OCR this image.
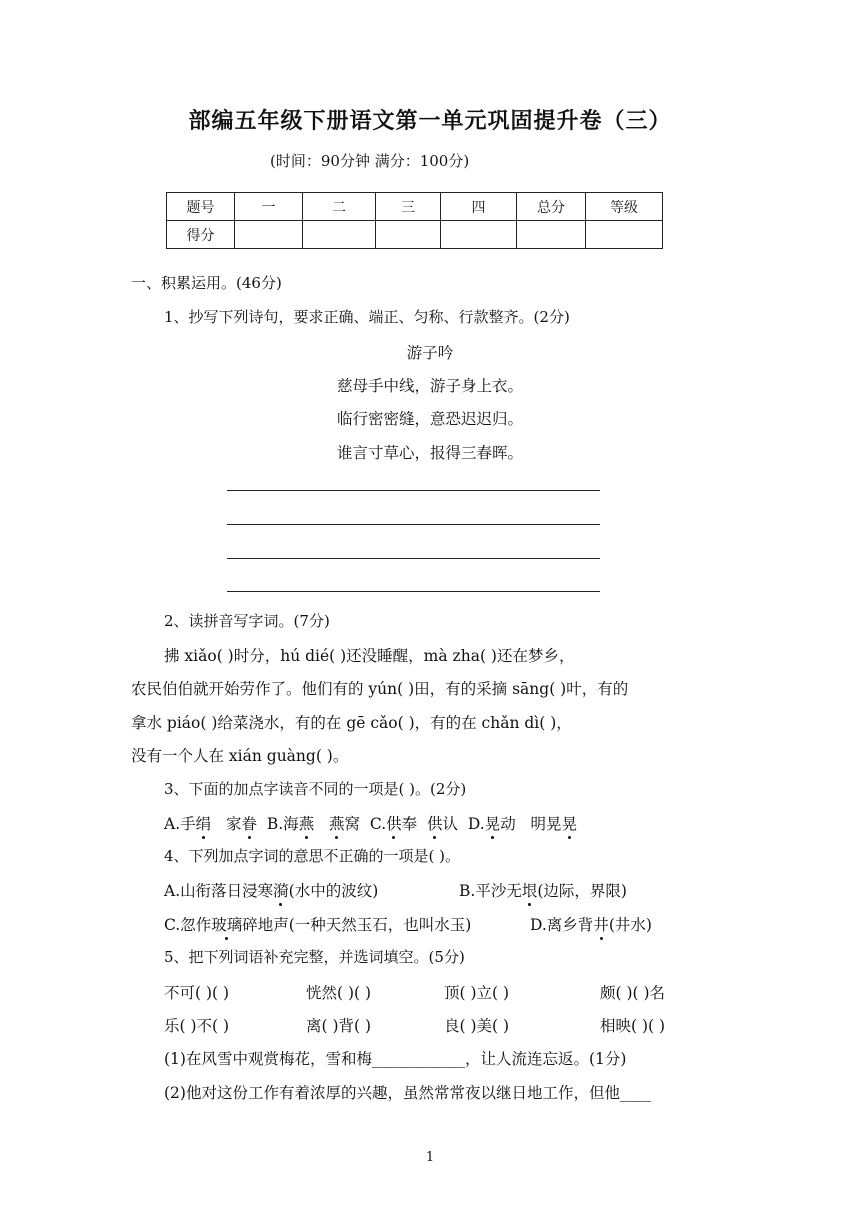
部编五年级下册语文第一单元巩固提升卷（三）
(时间：90分钟 满分：100分)
题号	一	二	三	四	总分	等级
得分						
一、积累运用。(46分)
1、抄写下列诗句，要求正确、端正、匀称、行款整齐。(2分)
游子吟
慈母手中线，游子身上衣。
临行密密缝，意恐迟迟归。
谁言寸草心，报得三春晖。
2、读拼音写字词。(7分)
拂 xiǎo( )时分，hú dié( )还没睡醒，mà zha( )还在梦乡，
农民伯伯就开始劳作了。他们有的 yún( )田，有的采摘 sāng( )叶，有的
拿水 piáo( )给菜浇水，有的在 gē cǎo( )，有的在 chǎn dì( )，
没有一个人在 xián guàng( )。
3、下面的加点字读音不同的一项是( )。(2分)
A.手绢 家眷 B.海燕 燕窝 C.供奉 供认 D.晃动 明晃晃
4、下列加点字词的意思不正确的一项是( )。
A.山衔落日浸寒漪(水中的波纹)	B.平沙无垠(边际，界限)
C.忽作玻璃碎地声(一种天然玉石，也叫水玉)	D.离乡背井(井水)
5、把下列词语补充完整，并选词填空。(5分)
不可( )( )	恍然( )( )	顶( )立( )	颇( )( )名
乐( )不( )	离( )背( )	良( )美( )	相映( )( )
(1)在风雪中观赏梅花，雪和梅____________，让人流连忘返。(1分)
(2)他对这份工作有着浓厚的兴趣，虽然常常夜以继日地工作，但他____
1
